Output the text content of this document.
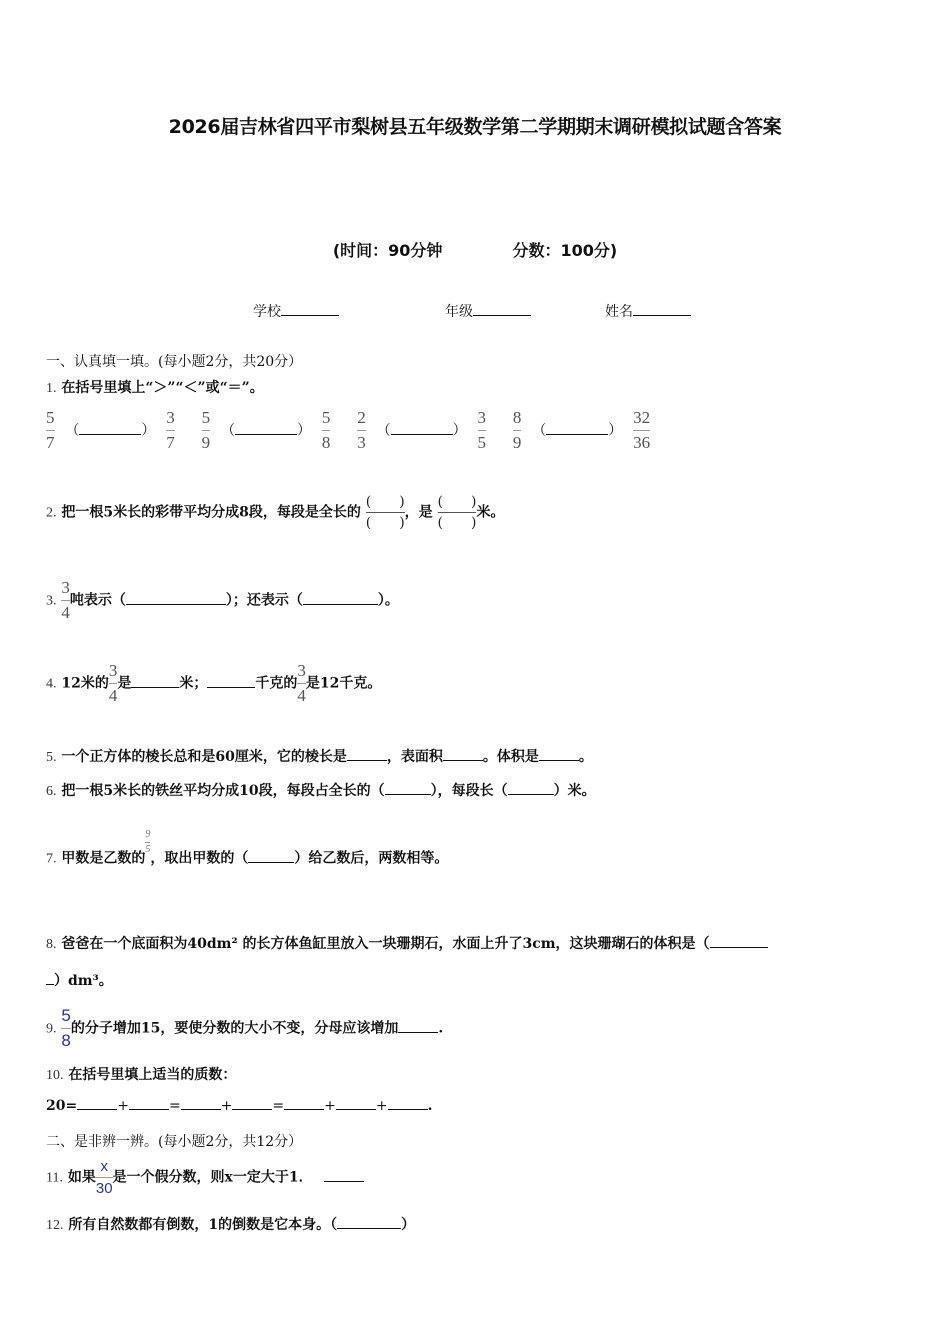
2026届吉林省四平市梨树县五年级数学第二学期期末调研模拟试题含答案
(时间：90分钟	分数：100分)
学校	年级	姓名
一、认真填一填。(每小题2分，共20分）
1. 在括号里填上“＞”“＜”或“＝”。
$\frac{5}{7}$ （	） $\frac{3}{7}$
$\frac{5}{9}$ （	） $\frac{5}{8}$
$\frac{2}{3}$ （	） $\frac{3}{5}$
$\frac{8}{9}$ （	） $\frac{32}{36}$
2. 把一根5米长的彩带平均分成8段，每段是全长的
(　　)
(　　)
，是
(　　)
(　　)
米。
3. $\frac{3}{4}$ 吨表示（	）；还表示（	）。
4. 12米的 $\frac{3}{4}$ 是	米；	千克的 $\frac{3}{4}$ 是12千克。
5. 一个正方体的棱长总和是60厘米，它的棱长是	，表面积	。体积是	。
6. 把一根5米长的铁丝平均分成10段，每段占全长的（	），每段长（	）米。
7. 甲数是乙数的
$\frac{9}{5}$
，取出甲数的（	）给乙数后，两数相等。
8. 爸爸在一个底面积为40dm² 的长方体鱼缸里放入一块珊期石，水面上升了3cm，这块珊瑚石的体积是（
）dm³。
9. $\frac{5}{8}$ 的分子增加15，要使分数的大小不变，分母应该增加	.
10. 在括号里填上适当的质数：
20=	+	=	+	=	+	+	.
二、是非辨一辨。(每小题2分，共12分）
11. 如果 $\frac{x}{30}$ 是一个假分数，则x一定大于1．
12. 所有自然数都有倒数，1的倒数是它本身。（	）
